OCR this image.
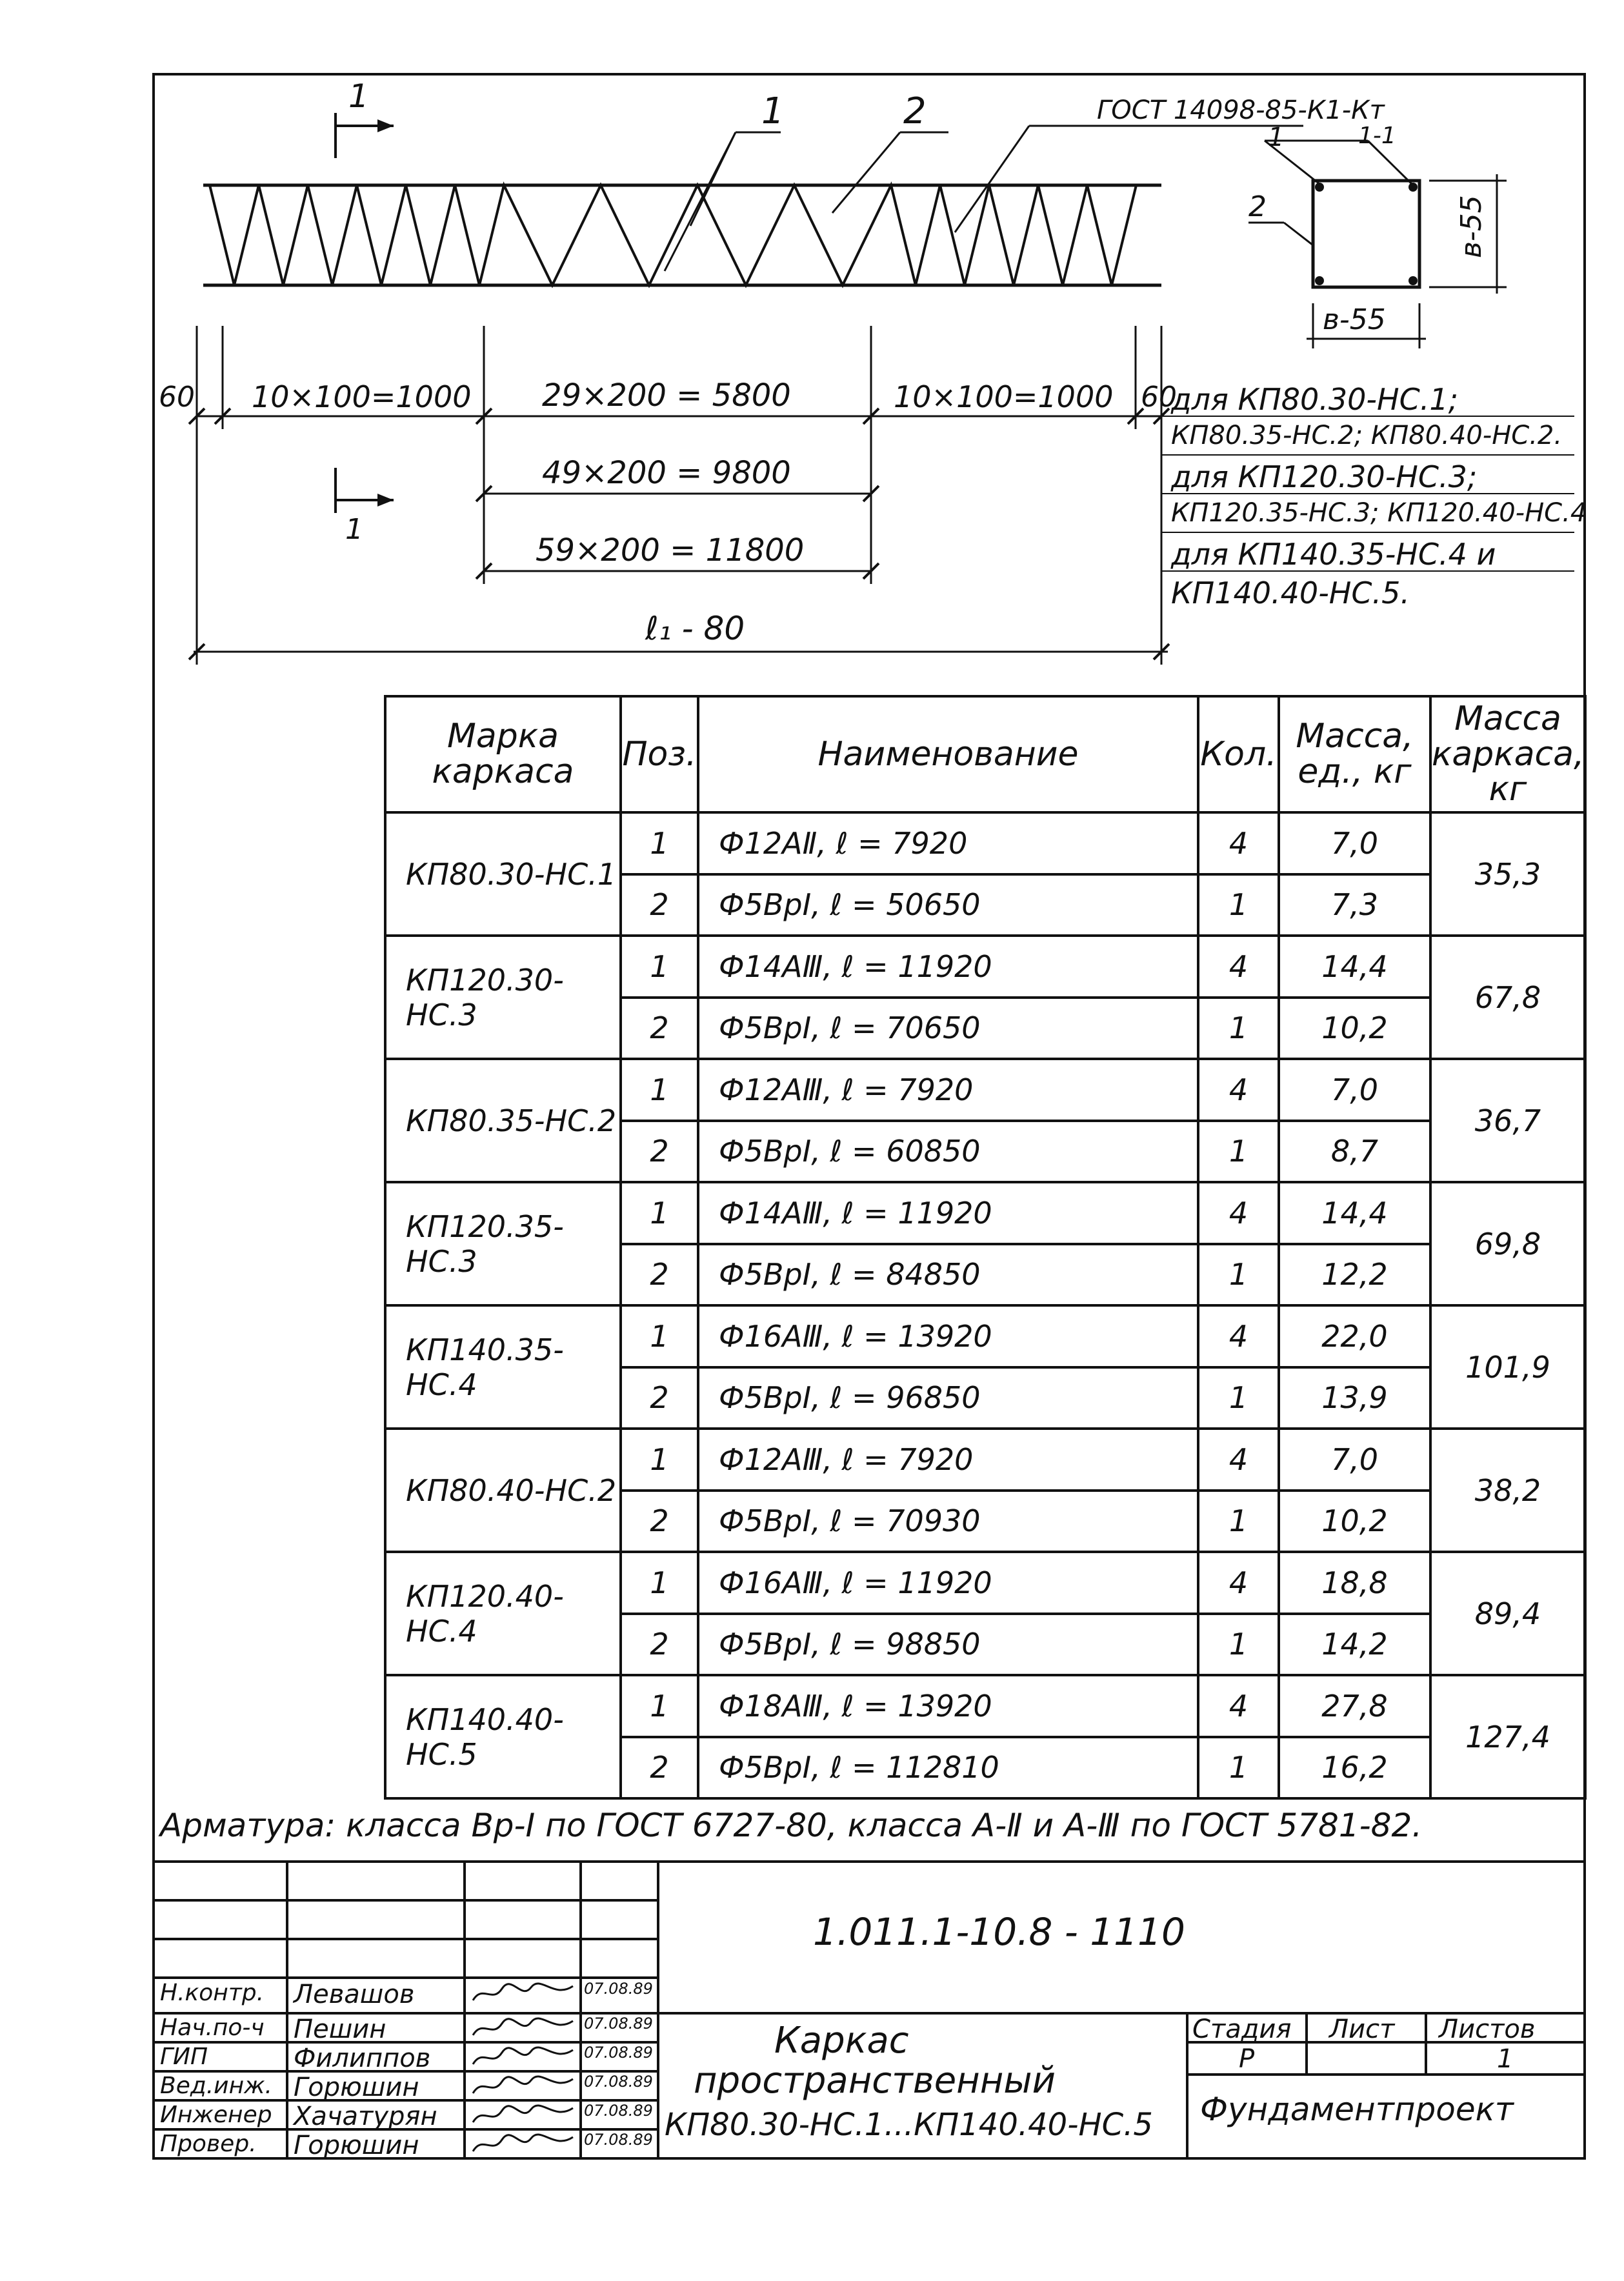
1
1
1	2	ГОСТ 14098-85-К1-Кт
1-1
1
2
в-55
в-55
60 10×100=1000 29×200 = 5800	10×100=1000 60
49×200 = 9800
59×200 = 11800
ℓ₁ - 80
для КП80.30-НС.1;
КП80.35-НС.2; КП80.40-НС.2.
для КП120.30-НС.3;
КП120.35-НС.3; КП120.40-НС.4
для КП140.35-НС.4 и
КП140.40-НС.5.
Марка каркаса	Поз.	Наименование	Кол.	Масса, ед., кг	Масса каркаса, кг
КП80.30-НС.1	1	Ф12АⅡ, ℓ = 7920	4	7,0	35,3
	2	Ф5ВрⅠ, ℓ = 50650	1	7,3	
КП120.30-НС.3	1	Ф14АⅢ, ℓ = 11920	4	14,4	67,8
	2	Ф5ВрⅠ, ℓ = 70650	1	10,2	
КП80.35-НС.2	1	Ф12АⅢ, ℓ = 7920	4	7,0	36,7
	2	Ф5ВрⅠ, ℓ = 60850	1	8,7	
КП120.35-НС.3	1	Ф14АⅢ, ℓ = 11920	4	14,4	69,8
	2	Ф5ВрⅠ, ℓ = 84850	1	12,2	
КП140.35-НС.4	1	Ф16АⅢ, ℓ = 13920	4	22,0	101,9
	2	Ф5ВрⅠ, ℓ = 96850	1	13,9	
КП80.40-НС.2	1	Ф12АⅢ, ℓ = 7920	4	7,0	38,2
	2	Ф5ВрⅠ, ℓ = 70930	1	10,2	
КП120.40-НС.4	1	Ф16АⅢ, ℓ = 11920	4	18,8	89,4
	2	Ф5ВрⅠ, ℓ = 98850	1	14,2	
КП140.40-НС.5	1	Ф18АⅢ, ℓ = 13920	4	27,8	127,4
	2	Ф5ВрⅠ, ℓ = 112810	1	16,2	
Арматура: класса Вр-Ⅰ по ГОСТ 6727-80, класса А-Ⅱ и А-Ⅲ по ГОСТ 5781-82.
1.011.1-10.8 - 1110
Каркас
пространственный
КП80.30-НС.1...КП140.40-НС.5
Стадия Лист Листов
Р	1
Фундаментпроект
Н.контр. Левашов	07.08.89
Нач.по-ч Пешин	07.08.89
ГИП	Филиппов	07.08.89
Вед.инж. Горюшин	07.08.89
Инженер Хачатурян	07.08.89
Провер. Горюшин	07.08.89
